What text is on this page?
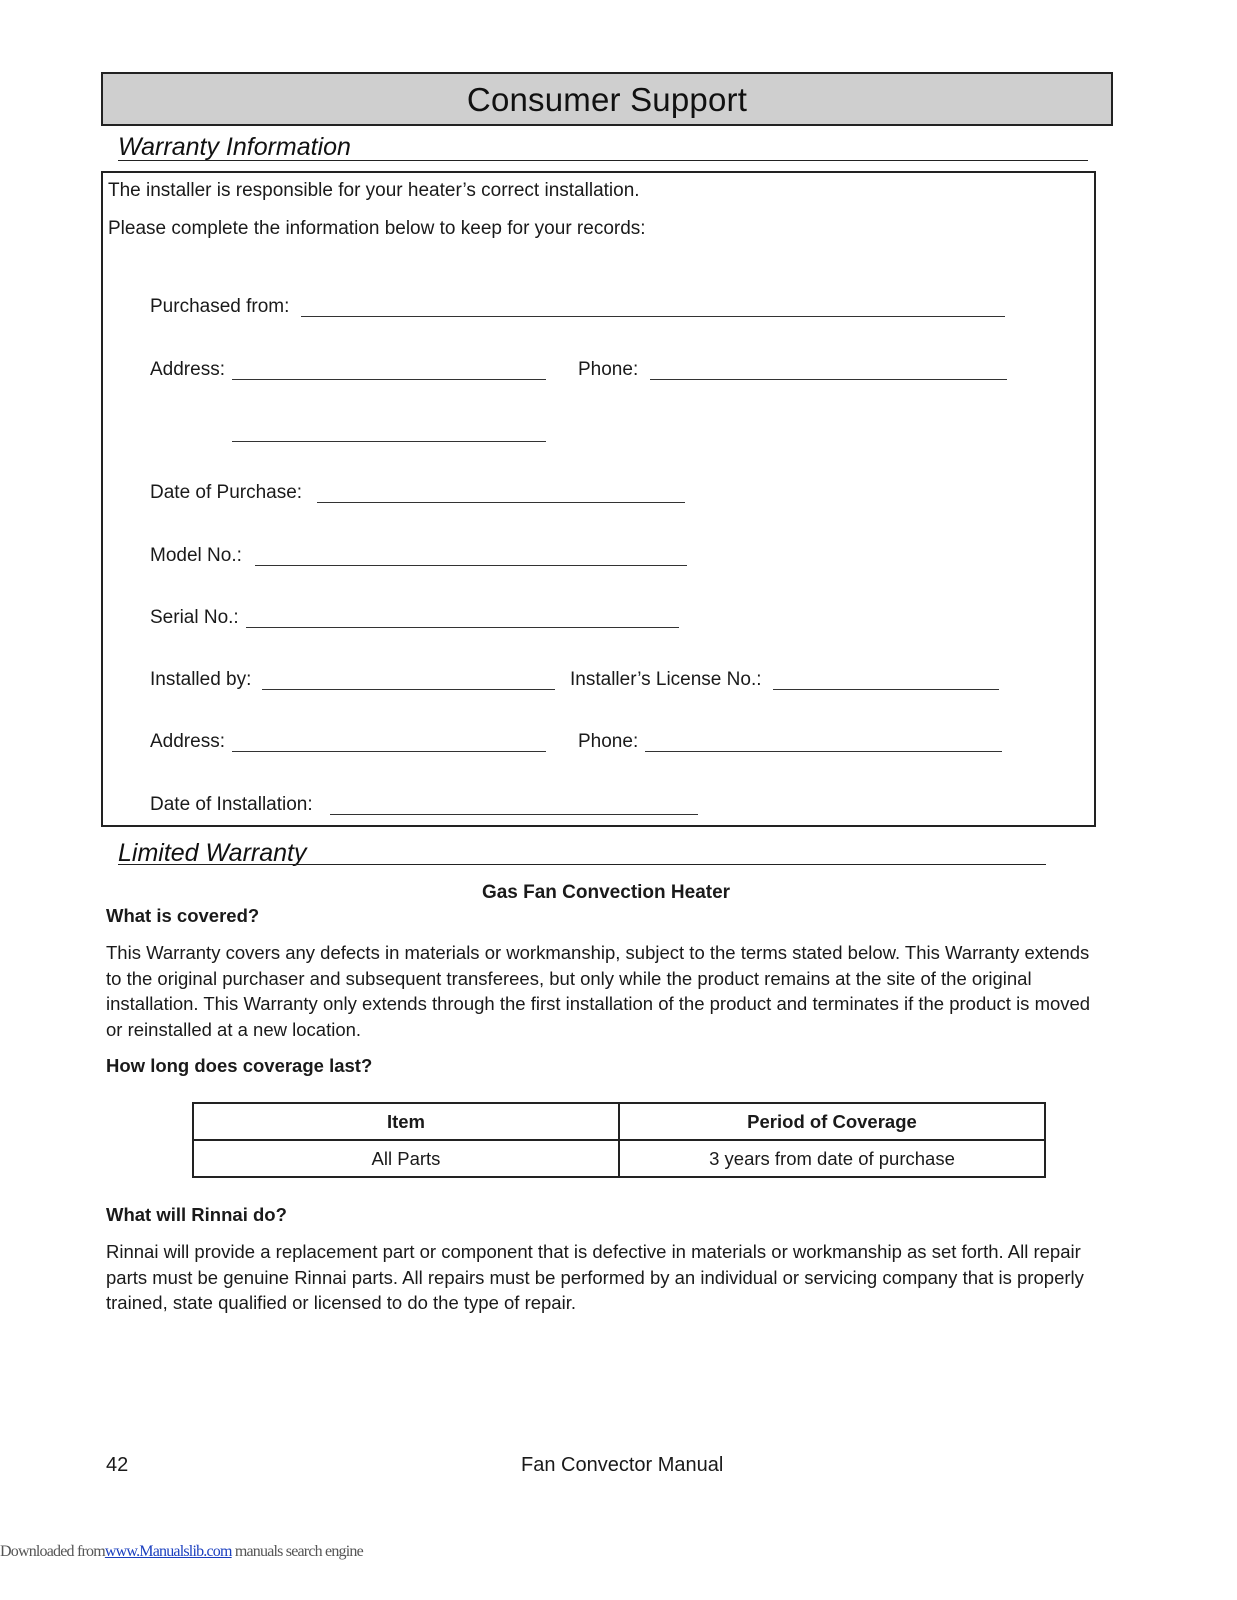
Consumer Support
Warranty Information
The installer is responsible for your heater’s correct installation.
Please complete the information below to keep for your records:
Purchased from:
Address:	Phone:
Date of Purchase:
Model No.:
Serial No.:
Installed by:	Installer’s License No.:
Address:	Phone:
Date of Installation:
Limited Warranty
Gas Fan Convection Heater
What is covered?
This Warranty covers any defects in materials or workmanship, subject to the terms stated below. This Warranty extends to the original purchaser and subsequent transferees, but only while the product remains at the site of the original installation. This Warranty only extends through the first installation of the product and terminates if the product is moved or reinstalled at a new location.
How long does coverage last?
Item	Period of Coverage
All Parts	3 years from date of purchase
What will Rinnai do?
Rinnai will provide a replacement part or component that is defective in materials or workmanship as set forth. All repair parts must be genuine Rinnai parts. All repairs must be performed by an individual or servicing company that is properly trained, state qualified or licensed to do the type of repair.
42	Fan Convector Manual
Downloaded fromwww.Manualslib.com manuals search engine
